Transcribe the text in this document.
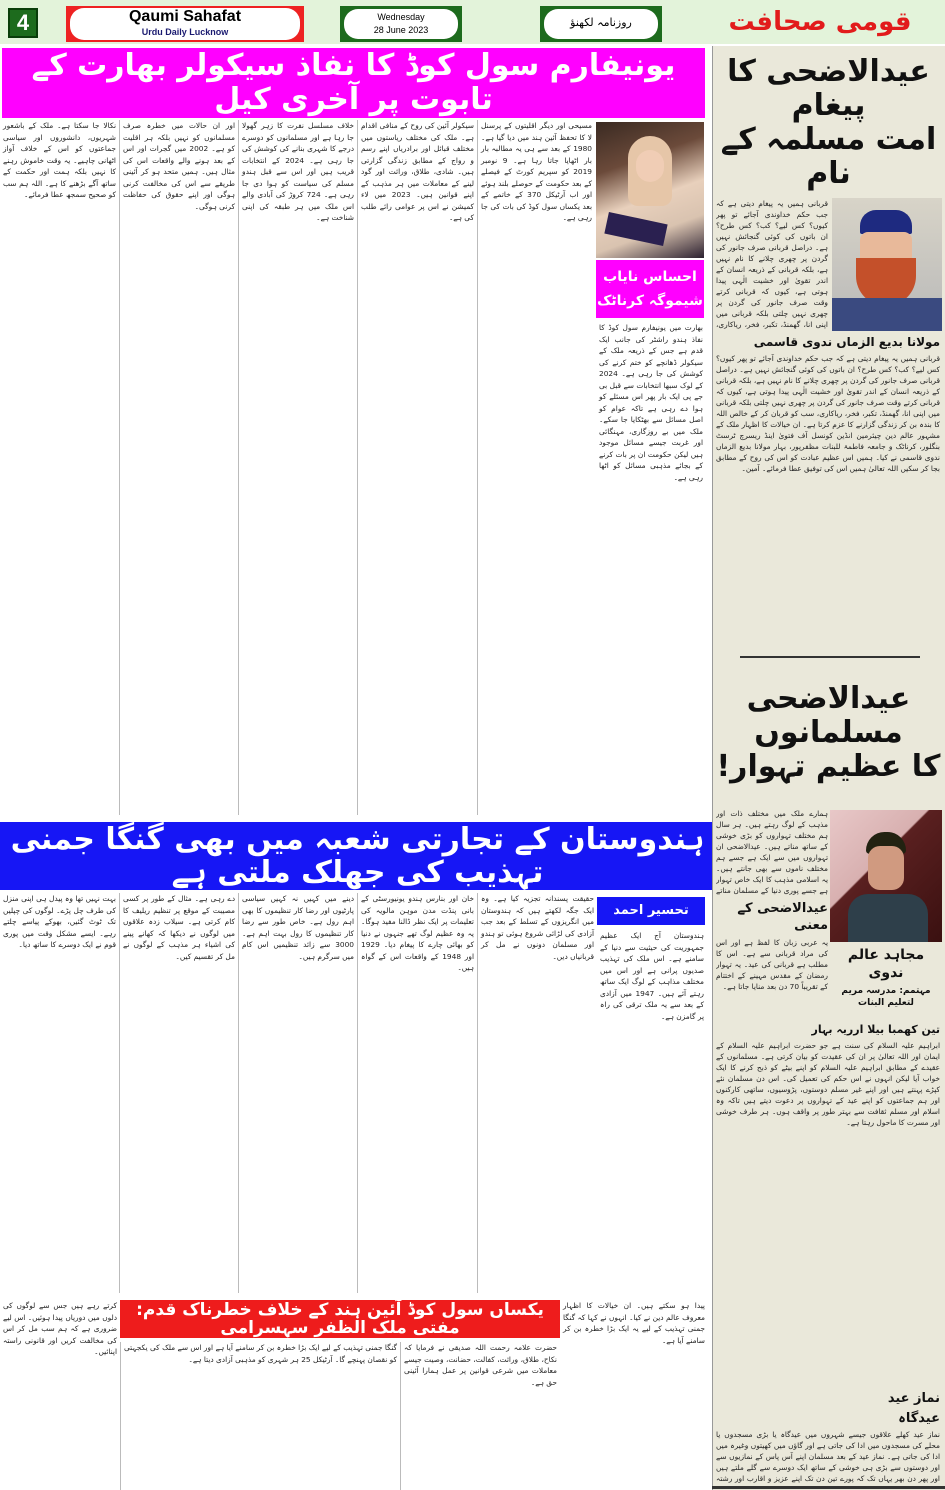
4	Qaumi Sahafat
Urdu Daily Lucknow
Wednesday
28 June 2023
روزنامہ لکھنؤ	قومی صحافت
یونیفارم سول کوڈ کا نفاذ سیکولر بھارت کے تابوت پر آخری کیل
احساس نایاب
شیموگہ کرناٹک
بھارت میں یونیفارم سول کوڈ کا نفاذ ہندو راشٹر کی جانب ایک قدم ہے جس کے ذریعہ ملک کے سیکولر ڈھانچے کو ختم کرنے کی کوشش کی جا رہی ہے۔ 2024 کے لوک سبھا انتخابات سے قبل بی جے پی ایک بار پھر اس مسئلے کو ہوا دے رہی ہے تاکہ عوام کو اصل مسائل سے بھٹکایا جا سکے۔ ملک میں بے روزگاری، مہنگائی اور غربت جیسے مسائل موجود ہیں لیکن حکومت ان پر بات کرنے کے بجائے مذہبی مسائل کو اٹھا رہی ہے۔
مسیحی اور دیگر اقلیتوں کے پرسنل لا کا تحفظ آئین ہند میں دیا گیا ہے۔ 1980 کے بعد سے ہی یہ مطالبہ بار بار اٹھایا جاتا رہا ہے۔ 9 نومبر 2019 کو سپریم کورٹ کے فیصلے کے بعد حکومت کے حوصلے بلند ہوئے اور اب آرٹیکل 370 کے خاتمے کے بعد یکساں سول کوڈ کی بات کی جا رہی ہے۔
سیکولر آئین کی روح کے منافی اقدام ہے۔ ملک کی مختلف ریاستوں میں مختلف قبائل اور برادریاں اپنے رسم و رواج کے مطابق زندگی گزارتی ہیں۔ شادی، طلاق، وراثت اور گود لینے کے معاملات میں ہر مذہب کے اپنے قوانین ہیں۔ 2023 میں لاء کمیشن نے اس پر عوامی رائے طلب کی ہے۔
خلاف مسلسل نفرت کا زہر گھولا جا رہا ہے اور مسلمانوں کو دوسرے درجے کا شہری بنانے کی کوشش کی جا رہی ہے۔ 2024 کے انتخابات قریب ہیں اور اس سے قبل ہندو مسلم کی سیاست کو ہوا دی جا رہی ہے۔ 724 کروڑ کی آبادی والے اس ملک میں ہر طبقہ کی اپنی شناخت ہے۔
اور ان حالات میں خطرہ صرف مسلمانوں کو نہیں بلکہ ہر اقلیت کو ہے۔ 2002 میں گجرات اور اس کے بعد ہونے والے واقعات اس کی مثال ہیں۔ ہمیں متحد ہو کر آئینی طریقے سے اس کی مخالفت کرنی ہوگی اور اپنے حقوق کی حفاظت کرنی ہوگی۔
نکالا جا سکتا ہے۔ ملک کے باشعور شہریوں، دانشوروں اور سیاسی جماعتوں کو اس کے خلاف آواز اٹھانی چاہیے۔ یہ وقت خاموش رہنے کا نہیں بلکہ ہمت اور حکمت کے ساتھ آگے بڑھنے کا ہے۔ اللہ ہم سب کو صحیح سمجھ عطا فرمائے۔
ہندوستان کے تجارتی شعبہ میں بھی گنگا جمنی تہذیب کی جھلک ملتی ہے
تحسیر احمد
ہندوستان آج ایک عظیم جمہوریت کی حیثیت سے دنیا کے سامنے ہے۔ اس ملک کی تہذیب صدیوں پرانی ہے اور اس میں مختلف مذاہب کے لوگ ایک ساتھ رہتے آئے ہیں۔ 1947 میں آزادی کے بعد سے یہ ملک ترقی کی راہ پر گامزن ہے۔
حقیقت پسندانہ تجزیہ کیا ہے۔ وہ ایک جگہ لکھتے ہیں کہ ہندوستان میں انگریزوں کے تسلط کے بعد جب آزادی کی لڑائی شروع ہوئی تو ہندو اور مسلمان دونوں نے مل کر قربانیاں دیں۔
خان اور بنارس ہندو یونیورسٹی کے بانی پنڈت مدن موہن مالویہ کی تعلیمات پر ایک نظر ڈالنا مفید ہوگا۔ یہ وہ عظیم لوگ تھے جنہوں نے دنیا کو بھائی چارے کا پیغام دیا۔ 1929 اور 1948 کے واقعات اس کے گواہ ہیں۔
دینے میں کہیں نہ کہیں سیاسی پارٹیوں اور رضا کار تنظیموں کا بھی اہم رول ہے۔ خاص طور سے رضا کار تنظیموں کا رول بہت اہم ہے۔ 3000 سے زائد تنظیمیں اس کام میں سرگرم ہیں۔
دے رہی ہے۔ مثال کے طور پر کسی مصیبت کے موقع پر تنظیم ریلیف کا کام کرتی ہے۔ سیلاب زدہ علاقوں میں لوگوں نے دیکھا کہ کھانے پینے کی اشیاء ہر مذہب کے لوگوں نے مل کر تقسیم کیں۔
بہت نہیں تھا وہ پیدل ہی اپنی منزل کی طرف چل پڑے۔ لوگوں کی چپلیں تک ٹوٹ گئیں، بھوکے پیاسے چلتے رہے۔ ایسے مشکل وقت میں پوری قوم نے ایک دوسرے کا ساتھ دیا۔
یکساں سول کوڈ آئین ہند کے خلاف خطرناک قدم: مفتی ملک الظفر سہسرامی
پیدا ہو سکتے ہیں۔ ان خیالات کا اظہار معروف عالم دین نے کیا۔ انہوں نے کہا کہ گنگا جمنی تہذیب کے لیے یہ ایک بڑا خطرہ بن کر سامنے آیا ہے۔
حضرت علامہ رحمت اللہ صدیقی نے فرمایا کہ نکاح، طلاق، وراثت، کفالت، حضانت، وصیت جیسے معاملات میں شرعی قوانین پر عمل ہمارا آئینی حق ہے۔
گنگا جمنی تہذیب کے لیے ایک بڑا خطرہ بن کر سامنے آیا ہے اور اس سے ملک کی یکجہتی کو نقصان پہنچے گا۔ آرٹیکل 25 ہر شہری کو مذہبی آزادی دیتا ہے۔
کرتے رہے ہیں جس سے لوگوں کی دلوں میں دوریاں پیدا ہوئیں۔ اس لیے ضروری ہے کہ ہم سب مل کر اس کی مخالفت کریں اور قانونی راستہ اپنائیں۔
عیدالاضحی کا پیغام
امت مسلمہ کے نام
قربانی ہمیں یہ پیغام دیتی ہے کہ جب حکم خداوندی آجائے تو پھر کیوں؟ کس لیے؟ کب؟ کس طرح؟ ان باتوں کی کوئی گنجائش نہیں ہے۔ دراصل قربانی صرف جانور کی گردن پر چھری چلانے کا نام نہیں ہے، بلکہ قربانی کے ذریعہ انسان کے اندر تقویٰ اور خشیت الٰہی پیدا ہوتی ہے، کیوں کہ قربانی کرتے وقت صرف جانور کی گردن پر چھری نہیں چلتی بلکہ قربانی میں اپنی انا، گھمنڈ، تکبر، فخر، ریاکاری،
مولانا بدیع الزماں ندوی قاسمی
قربانی ہمیں یہ پیغام دیتی ہے کہ جب حکم خداوندی آجائے تو پھر کیوں؟ کس لیے؟ کب؟ کس طرح؟ ان باتوں کی کوئی گنجائش نہیں ہے۔ دراصل قربانی صرف جانور کی گردن پر چھری چلانے کا نام نہیں ہے، بلکہ قربانی کے ذریعہ انسان کے اندر تقویٰ اور خشیت الٰہی پیدا ہوتی ہے، کیوں کہ قربانی کرتے وقت صرف جانور کی گردن پر چھری نہیں چلتی بلکہ قربانی میں اپنی انا، گھمنڈ، تکبر، فخر، ریاکاری، سب کو قربان کر کے خالص اللہ کا بندہ بن کر زندگی گزارنے کا عزم کرتا ہے۔ ان خیالات کا اظہار ملک کے مشہور عالم دین چیئرمین انڈین کونسل آف فتویٰ اینڈ ریسرچ ٹرسٹ بنگلور، کرناٹک و جامعہ فاطمۃ للبنات مظفرپور، بہار مولانا بدیع الزماں ندوی قاسمی نے کیا۔ ہمیں اس عظیم عبادت کو اس کی روح کے مطابق بجا کر سکیں اللہ تعالیٰ ہمیں اس کی توفیق عطا فرمائے۔ آمین۔
عیدالاضحی مسلمانوں
کا عظیم تہوار!
ہمارے ملک میں مختلف ذات اور مذہب کے لوگ رہتے ہیں۔ ہر سال ہم مختلف تہواروں کو بڑی خوشی کے ساتھ مناتے ہیں۔ عیدالاضحی ان تہواروں میں سے ایک ہے جسے ہم مختلف ناموں سے بھی جانتے ہیں۔ یہ اسلامی مذہب کا ایک خاص تہوار ہے جسے پوری دنیا کے مسلمان مناتے
عیدالاضحی کے معنی
یہ عربی زبان کا لفظ ہے اور اس کی مراد قربانی سے ہے۔ اس کا مطلب ہے قربانی کی عید۔ یہ تہوار رمضان کے مقدس مہینے کے اختتام کے تقریباً 70 دن بعد منایا جاتا ہے۔
مجاہد عالم ندوی
مہتمم: مدرسہ مریم لتعلیم البنات
تین کھمبا بیلا ارریہ بہار
ابراہیم علیہ السلام کی سنت ہے جو حضرت ابراہیم علیہ السلام کے ایمان اور اللہ تعالیٰ پر ان کی عقیدت کو بیان کرتی ہے۔ مسلمانوں کے عقیدے کے مطابق ابراہیم علیہ السلام کو اپنے بیٹے کو ذبح کرنے کا ایک خواب آیا لیکن انہوں نے اس حکم کی تعمیل کی۔ اس دن مسلمان نئے کپڑے پہنتے ہیں اور اپنے غیر مسلم دوستوں، پڑوسیوں، ساتھی کارکنوں اور ہم جماعتوں کو اپنے عید کے تہواروں پر دعوت دیتے ہیں تاکہ وہ اسلام اور مسلم ثقافت سے بہتر طور پر واقف ہوں۔ ہر طرف خوشی اور مسرت کا ماحول رہتا ہے۔
نماز عید
عیدگاہ
نماز عید کھلے علاقوں جیسے شہروں میں عیدگاہ یا بڑی مسجدوں یا محلے کی مسجدوں میں ادا کی جاتی ہے اور گاؤں میں کھیتوں وغیرہ میں ادا کی جاتی ہے۔ نماز عید کے بعد مسلمان اپنے آس پاس کے نمازیوں سے اور دوستوں سے بڑی ہی خوشی کے ساتھ ایک دوسرے سے گلے ملتے ہیں اور پھر دن بھر یہاں تک کہ پورے تین دن تک اپنے عزیز و اقارب اور رشتہ
